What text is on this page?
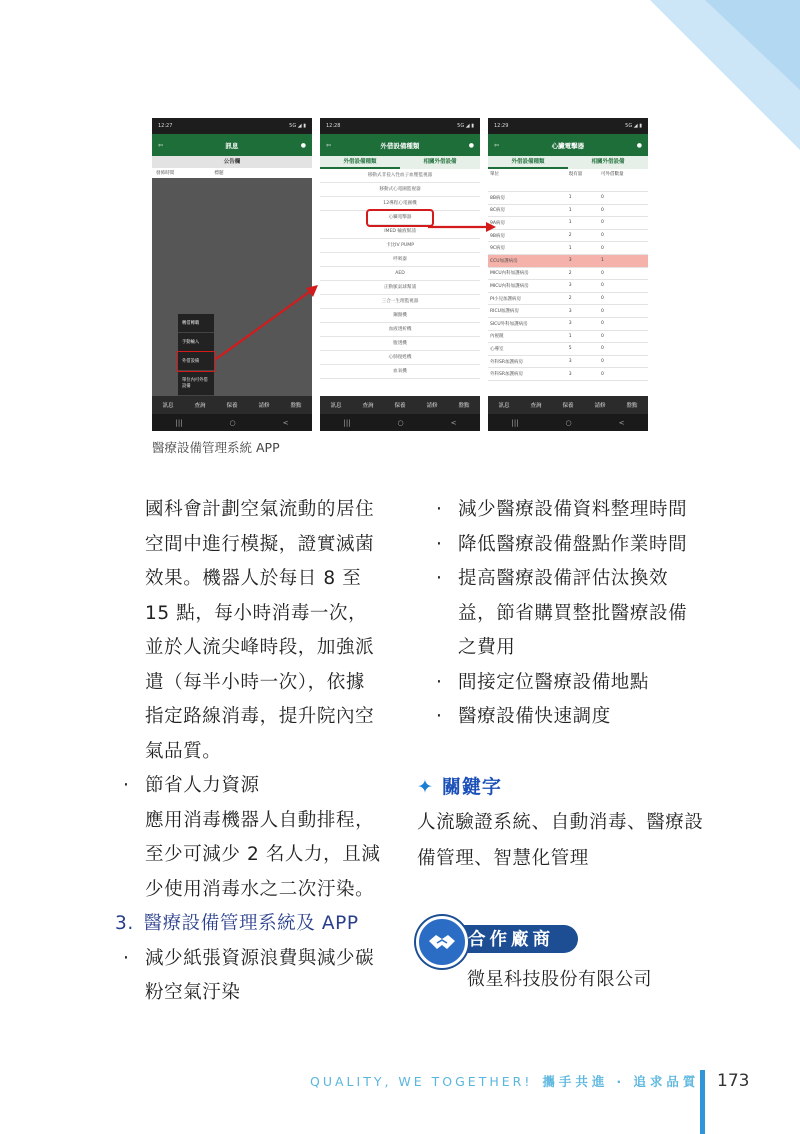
12:27	5G ◢ ▮
⇦	訊息	●
公告欄
發佈時間	標題
轉借轉職
手動輸入
外借設備
單位內可外借設備
訊息	查詢	保養	請修	盤點
|||	○	<
12:28	5G ◢ ▮
⇦	外借設備種類	●
外借設備種類	相關外借設備
移動式非侵入性血子血壓監視器
移動式心電圖監視器
12導程心電圖機
心臟電擊器
IMED 輸液幫浦
卡比IV PUMP
呼吸器
AED
正動脈氣球幫浦
三合一生理監視器
鋼圈機
血液透析機
腹透機
心肺復甦機
血氧機
訊息	查詢	保養	請修	盤點
|||	○	<
12:29	5G ◢ ▮
⇦	心臟電擊器	●
外借設備種類	相關外借設備
單位	現有量	可外借數量
8B病房	1	0
8C病房	1	0
9A病房	1	0
9B病房	2	0
9C病房	1	0
CCU加護病房	3	1
MICU內科加護病房	2	0
MICU內科加護病房	3	0
PI小兒加護病房	2	0
RICU加護病房	3	0
SICU外科加護病房	3	0
內視鏡	1	0
心導室	5	0
外科SR加護病房	3	0
外科SR加護病房	3	0
訊息	查詢	保養	請修	盤點
|||	○	<
醫療設備管理系統 APP
國科會計劃空氣流動的居住
空間中進行模擬，證實滅菌
效果。機器人於每日 8 至
15 點，每小時消毒一次，
並於人流尖峰時段，加強派
遣（每半小時一次），依據
指定路線消毒，提升院內空
氣品質。
‧ 節省人力資源
應用消毒機器人自動排程，
至少可減少 2 名人力，且減
少使用消毒水之二次汙染。
3. 醫療設備管理系統及 APP
‧ 減少紙張資源浪費與減少碳
粉空氣汙染
‧ 減少醫療設備資料整理時間
‧ 降低醫療設備盤點作業時間
‧ 提高醫療設備評估汰換效
益，節省購買整批醫療設備
之費用
‧ 間接定位醫療設備地點
‧ 醫療設備快速調度
✦ 關鍵字
人流驗證系統、自動消毒、醫療設備管理、智慧化管理
合作廠商
微星科技股份有限公司
QUALITY, WE TOGETHER! 攜手共進 ‧ 追求品質 173
